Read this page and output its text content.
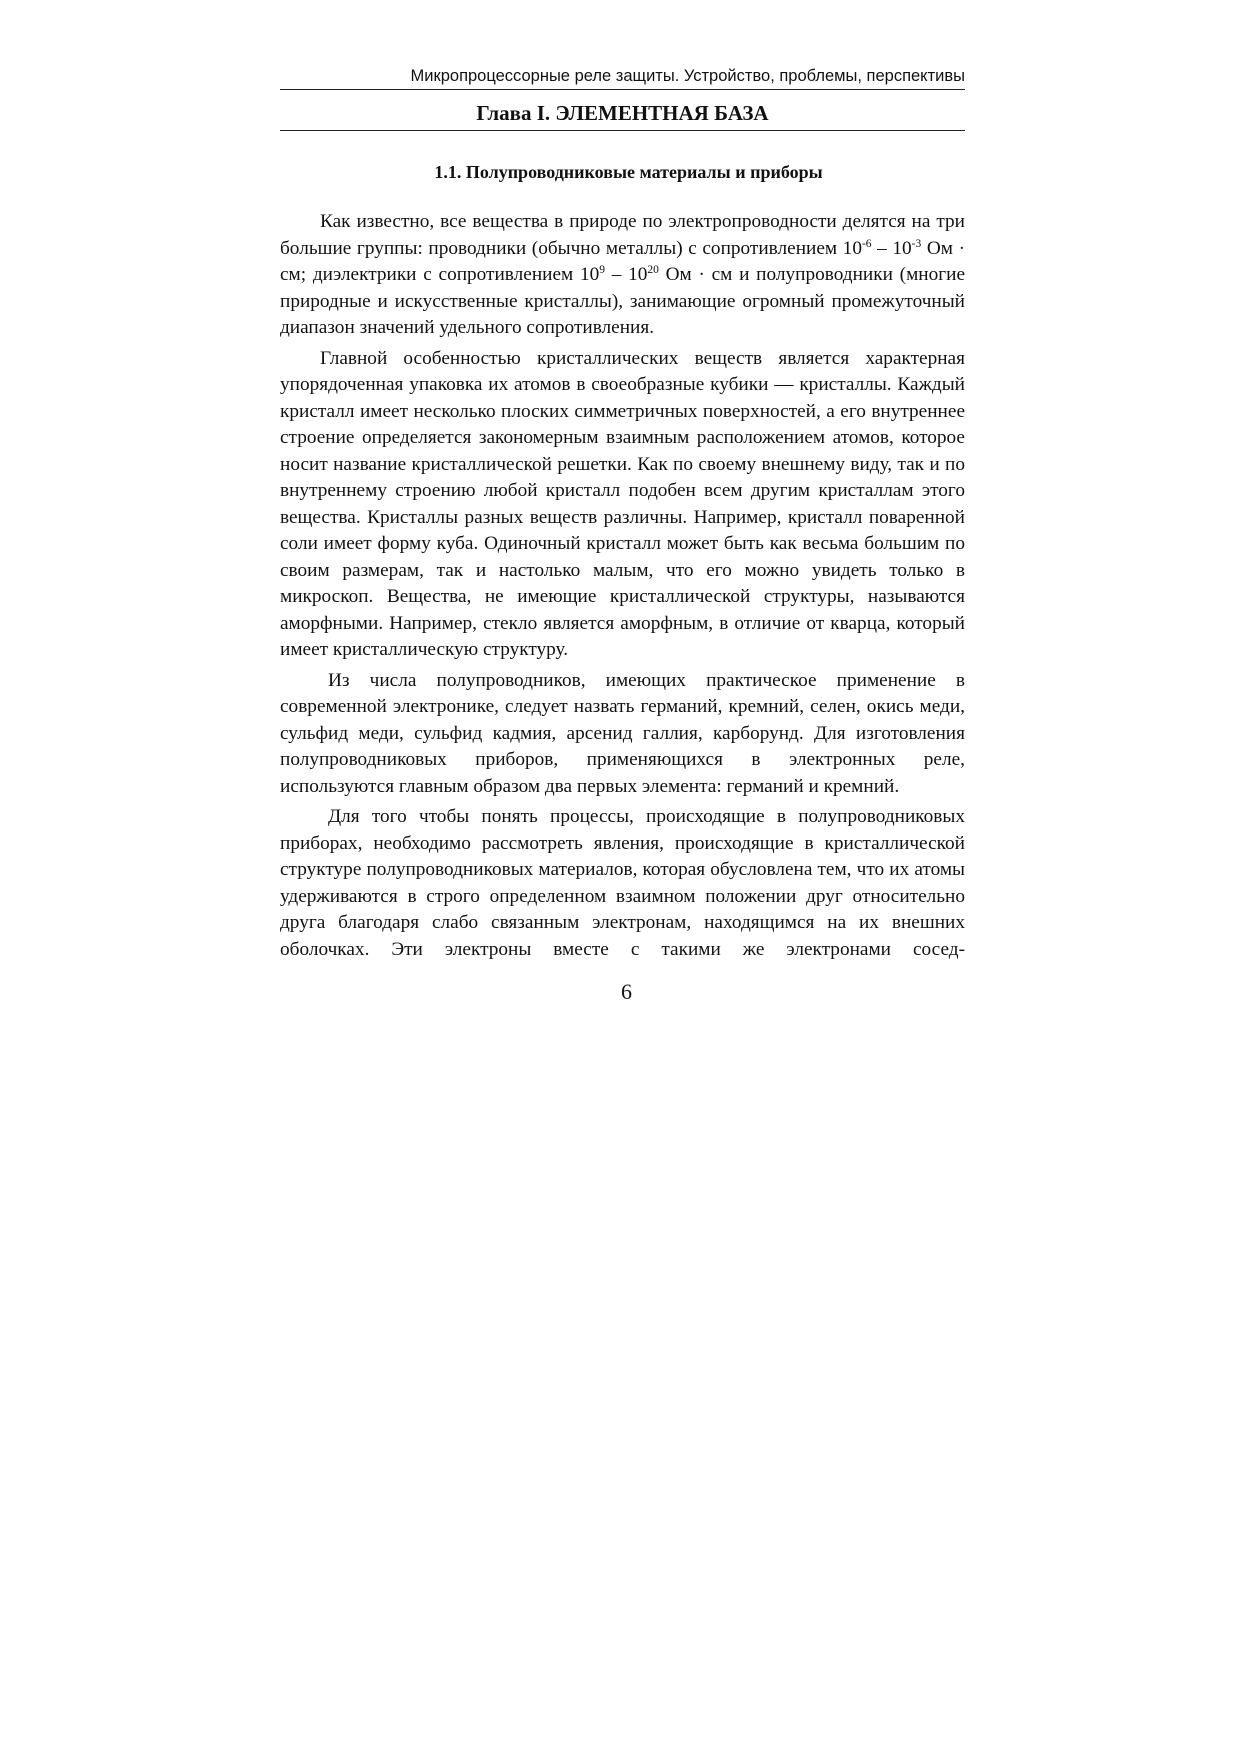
Микропроцессорные реле защиты. Устройство, проблемы, перспективы
Глава I. ЭЛЕМЕНТНАЯ БАЗА
1.1. Полупроводниковые материалы и приборы

Как известно, все вещества в природе по электропроводности делятся на три большие группы: проводники (обычно металлы) с сопротивлением $10^{-6} - 10^{-3}$ Ом · см; диэлектрики с сопротивлением $10^9 - 10^{20}$ Ом · см и полупроводники (многие природные и искусственные кристаллы), занимающие огромный промежуточный диапазон значений удельного сопротивления.

Главной особенностью кристаллических веществ является характерная упорядоченная упаковка их атомов в своеобразные кубики — кристаллы. Каждый кристалл имеет несколько плоских симметричных поверхностей, а его внутреннее строение определяется закономерным взаимным расположением атомов, которое носит название кристаллической решетки. Как по своему внешнему виду, так и по внутреннему строению любой кристалл подобен всем другим кристаллам этого вещества. Кристаллы разных веществ различны. Например, кристалл поваренной соли имеет форму куба. Одиночный кристалл может быть как весьма большим по своим размерам, так и настолько малым, что его можно увидеть только в микроскоп. Вещества, не имеющие кристаллической структуры, называются аморфными. Например, стекло является аморфным, в отличие от кварца, который имеет кристаллическую структуру.

Из числа полупроводников, имеющих практическое применение в современной электронике, следует назвать германий, кремний, селен, окись меди, сульфид меди, сульфид кадмия, арсенид галлия, карборунд. Для изготовления полупроводниковых приборов, применяющихся в электронных реле, используются главным образом два первых элемента: германий и кремний.

Для того чтобы понять процессы, происходящие в полупроводниковых приборах, необходимо рассмотреть явления, происходящие в кристаллической структуре полупроводниковых материалов, которая обусловлена тем, что их атомы удерживаются в строго определенном взаимном положении друг относительно друга благодаря слабо связанным электронам, находящимся на их внешних оболочках. Эти электроны вместе с такими же электронами сосед-

6
